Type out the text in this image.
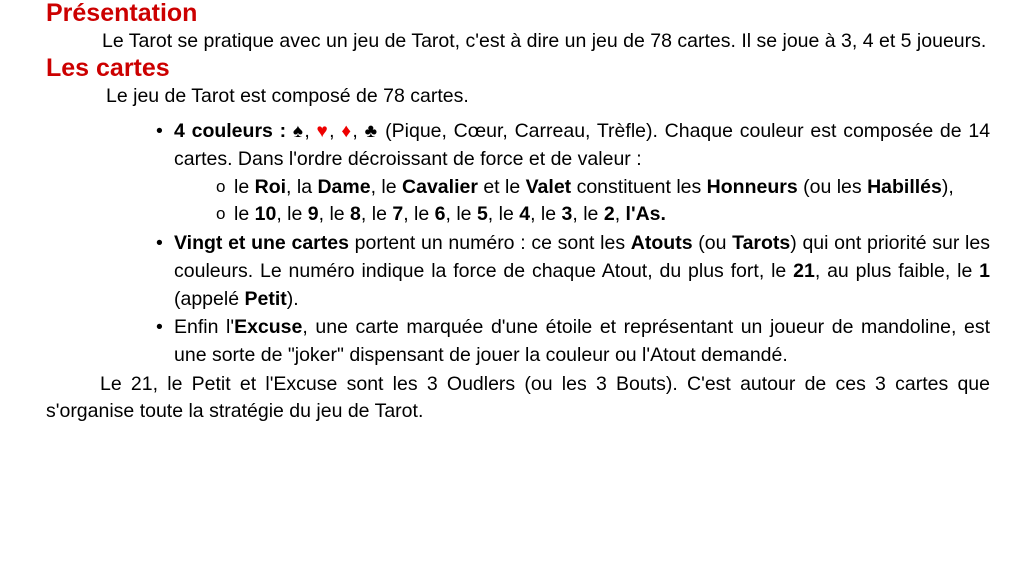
Présentation

Le Tarot se pratique avec un jeu de Tarot, c'est à dire un jeu de 78 cartes. Il se joue à 3, 4 et 5 joueurs.

Les cartes

Le jeu de Tarot est composé de 78 cartes.

• 4 couleurs : ♠, ♥, ♦, ♣ (Pique, Cœur, Carreau, Trèfle). Chaque couleur est composée de 14 cartes. Dans l'ordre décroissant de force et de valeur :
o le Roi, la Dame, le Cavalier et le Valet constituent les Honneurs (ou les Habillés),
o le 10, le 9, le 8, le 7, le 6, le 5, le 4, le 3, le 2, l'As.
• Vingt et une cartes portent un numéro : ce sont les Atouts (ou Tarots) qui ont priorité sur les couleurs. Le numéro indique la force de chaque Atout, du plus fort, le 21, au plus faible, le 1 (appelé Petit).
• Enfin l'Excuse, une carte marquée d'une étoile et représentant un joueur de mandoline, est une sorte de "joker" dispensant de jouer la couleur ou l'Atout demandé.

Le 21, le Petit et l'Excuse sont les 3 Oudlers (ou les 3 Bouts). C'est autour de ces 3 cartes que s'organise toute la stratégie du jeu de Tarot.
